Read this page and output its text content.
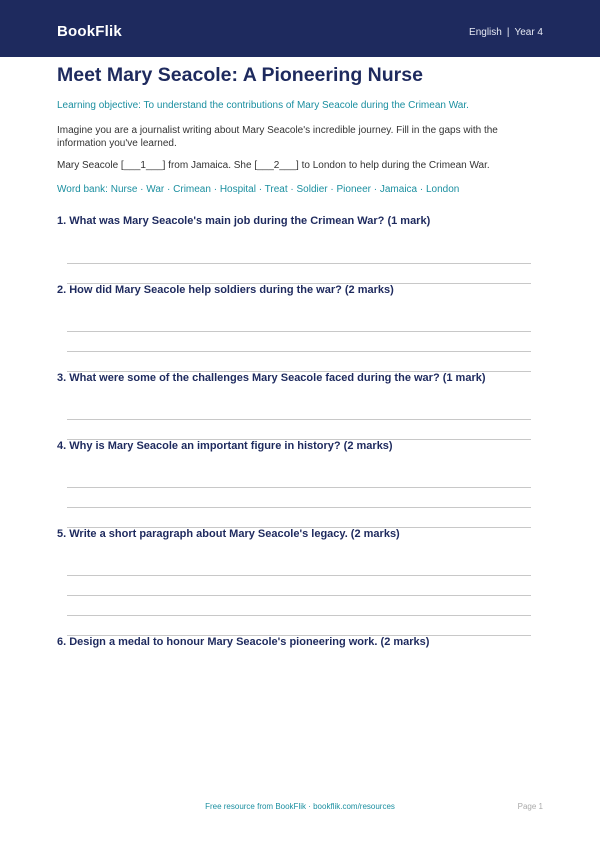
BookFlik	English | Year 4
Meet Mary Seacole: A Pioneering Nurse

Learning objective: To understand the contributions of Mary Seacole during the Crimean War.

Imagine you are a journalist writing about Mary Seacole's incredible journey. Fill in the gaps with the information you've learned.

Mary Seacole [___1___] from Jamaica. She [___2___] to London to help during the Crimean War.

Word bank: Nurse · War · Crimean · Hospital · Treat · Soldier · Pioneer · Jamaica · London

1. What was Mary Seacole's main job during the Crimean War? (1 mark)

2. How did Mary Seacole help soldiers during the war? (2 marks)

3. What were some of the challenges Mary Seacole faced during the war? (1 mark)

4. Why is Mary Seacole an important figure in history? (2 marks)

5. Write a short paragraph about Mary Seacole's legacy. (2 marks)

6. Design a medal to honour Mary Seacole's pioneering work. (2 marks)

Free resource from BookFlik · bookflik.com/resources	Page 1
